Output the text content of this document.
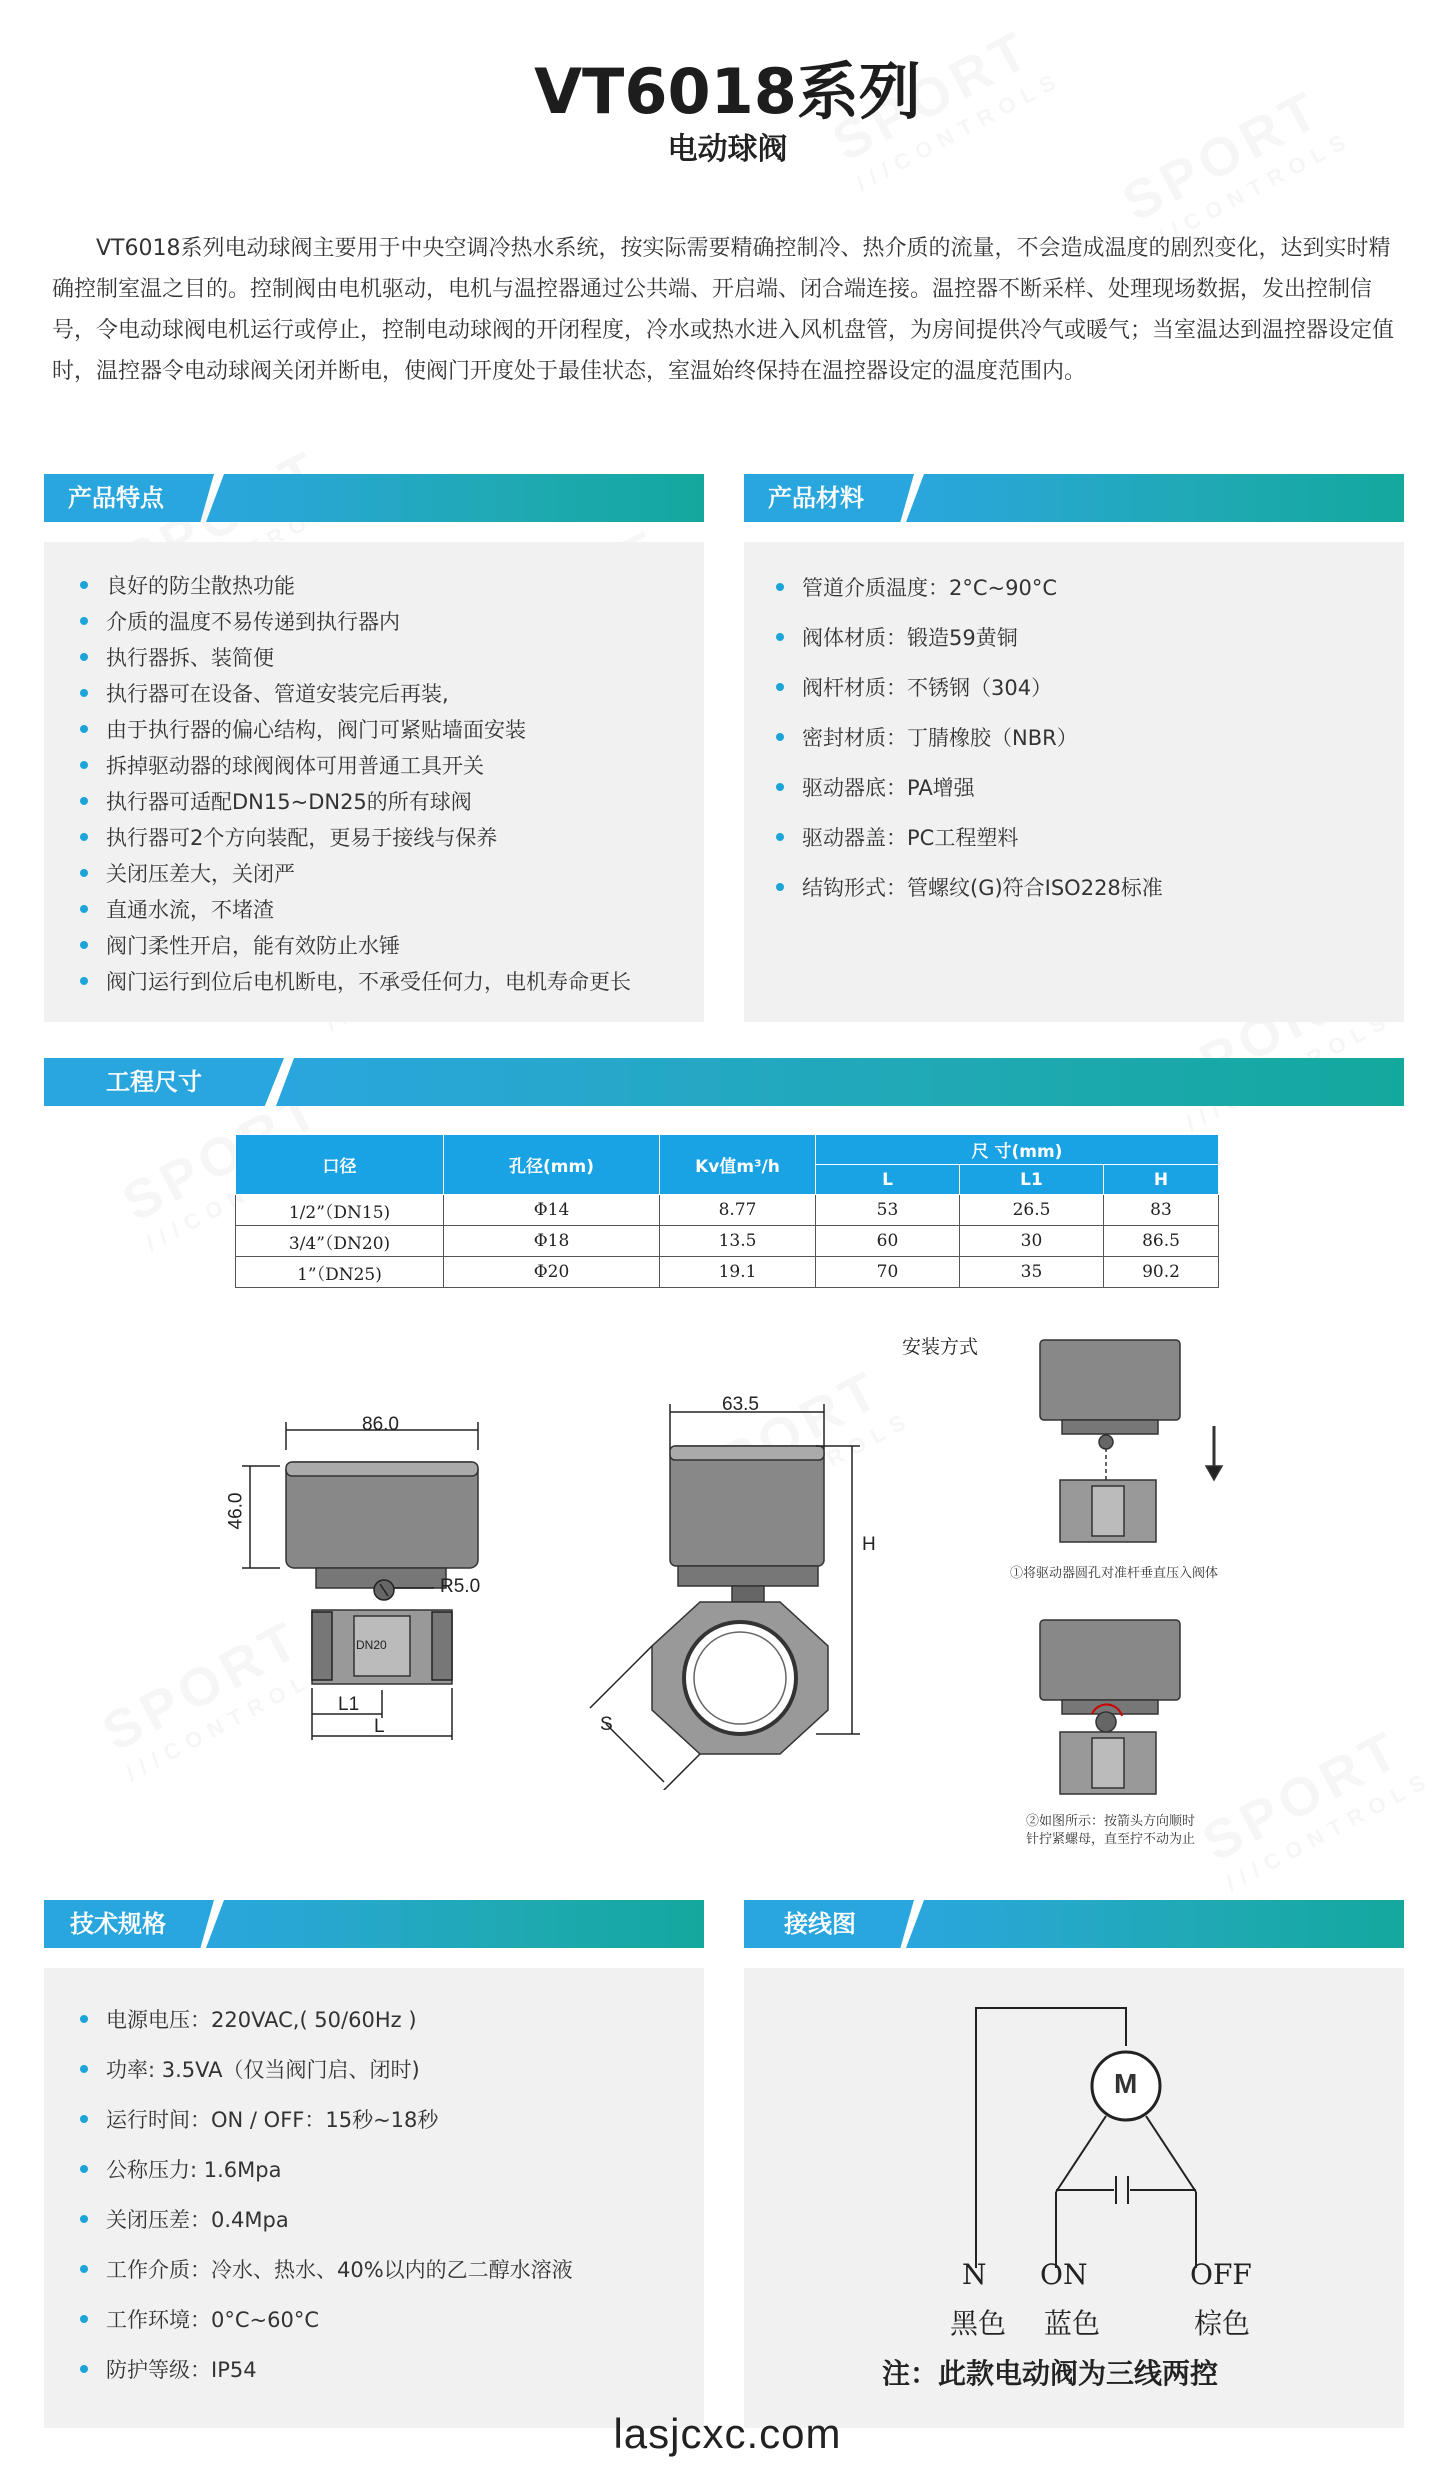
VT6018系列
电动球阀
VT6018系列电动球阀主要用于中央空调冷热水系统，按实际需要精确控制冷、热介质的流量，不会造成温度的剧烈变化，达到实时精确控制室温之目的。控制阀由电机驱动，电机与温控器通过公共端、开启端、闭合端连接。温控器不断采样、处理现场数据，发出控制信号，令电动球阀电机运行或停止，控制电动球阀的开闭程度，冷水或热水进入风机盘管，为房间提供冷气或暖气；当室温达到温控器设定值时，温控器令电动球阀关闭并断电，使阀门开度处于最佳状态，室温始终保持在温控器设定的温度范围内。
产品特点
良好的防尘散热功能
介质的温度不易传递到执行器内
执行器拆、装简便
执行器可在设备、管道安装完后再装,
由于执行器的偏心结构，阀门可紧贴墙面安装
拆掉驱动器的球阀阀体可用普通工具开关
执行器可适配DN15~DN25的所有球阀
执行器可2个方向装配，更易于接线与保养
关闭压差大，关闭严
直通水流，不堵渣
阀门柔性开启，能有效防止水锤
阀门运行到位后电机断电，不承受任何力，电机寿命更长
产品材料
管道介质温度：2°C~90°C
阀体材质：锻造59黄铜
阀杆材质：不锈钢（304）
密封材质：丁腈橡胶（NBR）
驱动器底：PA增强
驱动器盖：PC工程塑料
结钩形式：管螺纹(G)符合ISO228标准
工程尺寸
口径	孔径(mm)	Kv值m³/h	尺 寸(mm)		
			L	L1	H
1/2”（DN15)	Φ14	8.77	53	26.5	83
3/4”（DN20)	Φ18	13.5	60	30	86.5
1”（DN25)	Φ20	19.1	70	35	90.2
86.0
46.0
R5.0
DN20
L1
L
63.5
H
S
安装方式
①将驱动器圆孔对准杆垂直压入阀体
②如图所示：按箭头方向顺时
针拧紧螺母，直至拧不动为止
技术规格
电源电压：220VAC,( 50/60Hz )
功率: 3.5VA（仅当阀门启、闭时)
运行时间：ON / OFF：15秒~18秒
公称压力: 1.6Mpa
关闭压差：0.4Mpa
工作介质：冷水、热水、40%以内的乙二醇水溶液
工作环境：0°C~60°C
防护等级：IP54
接线图
M
N ON	OFF
黑色 蓝色	棕色
注：此款电动阀为三线两控
lasjcxc.com
